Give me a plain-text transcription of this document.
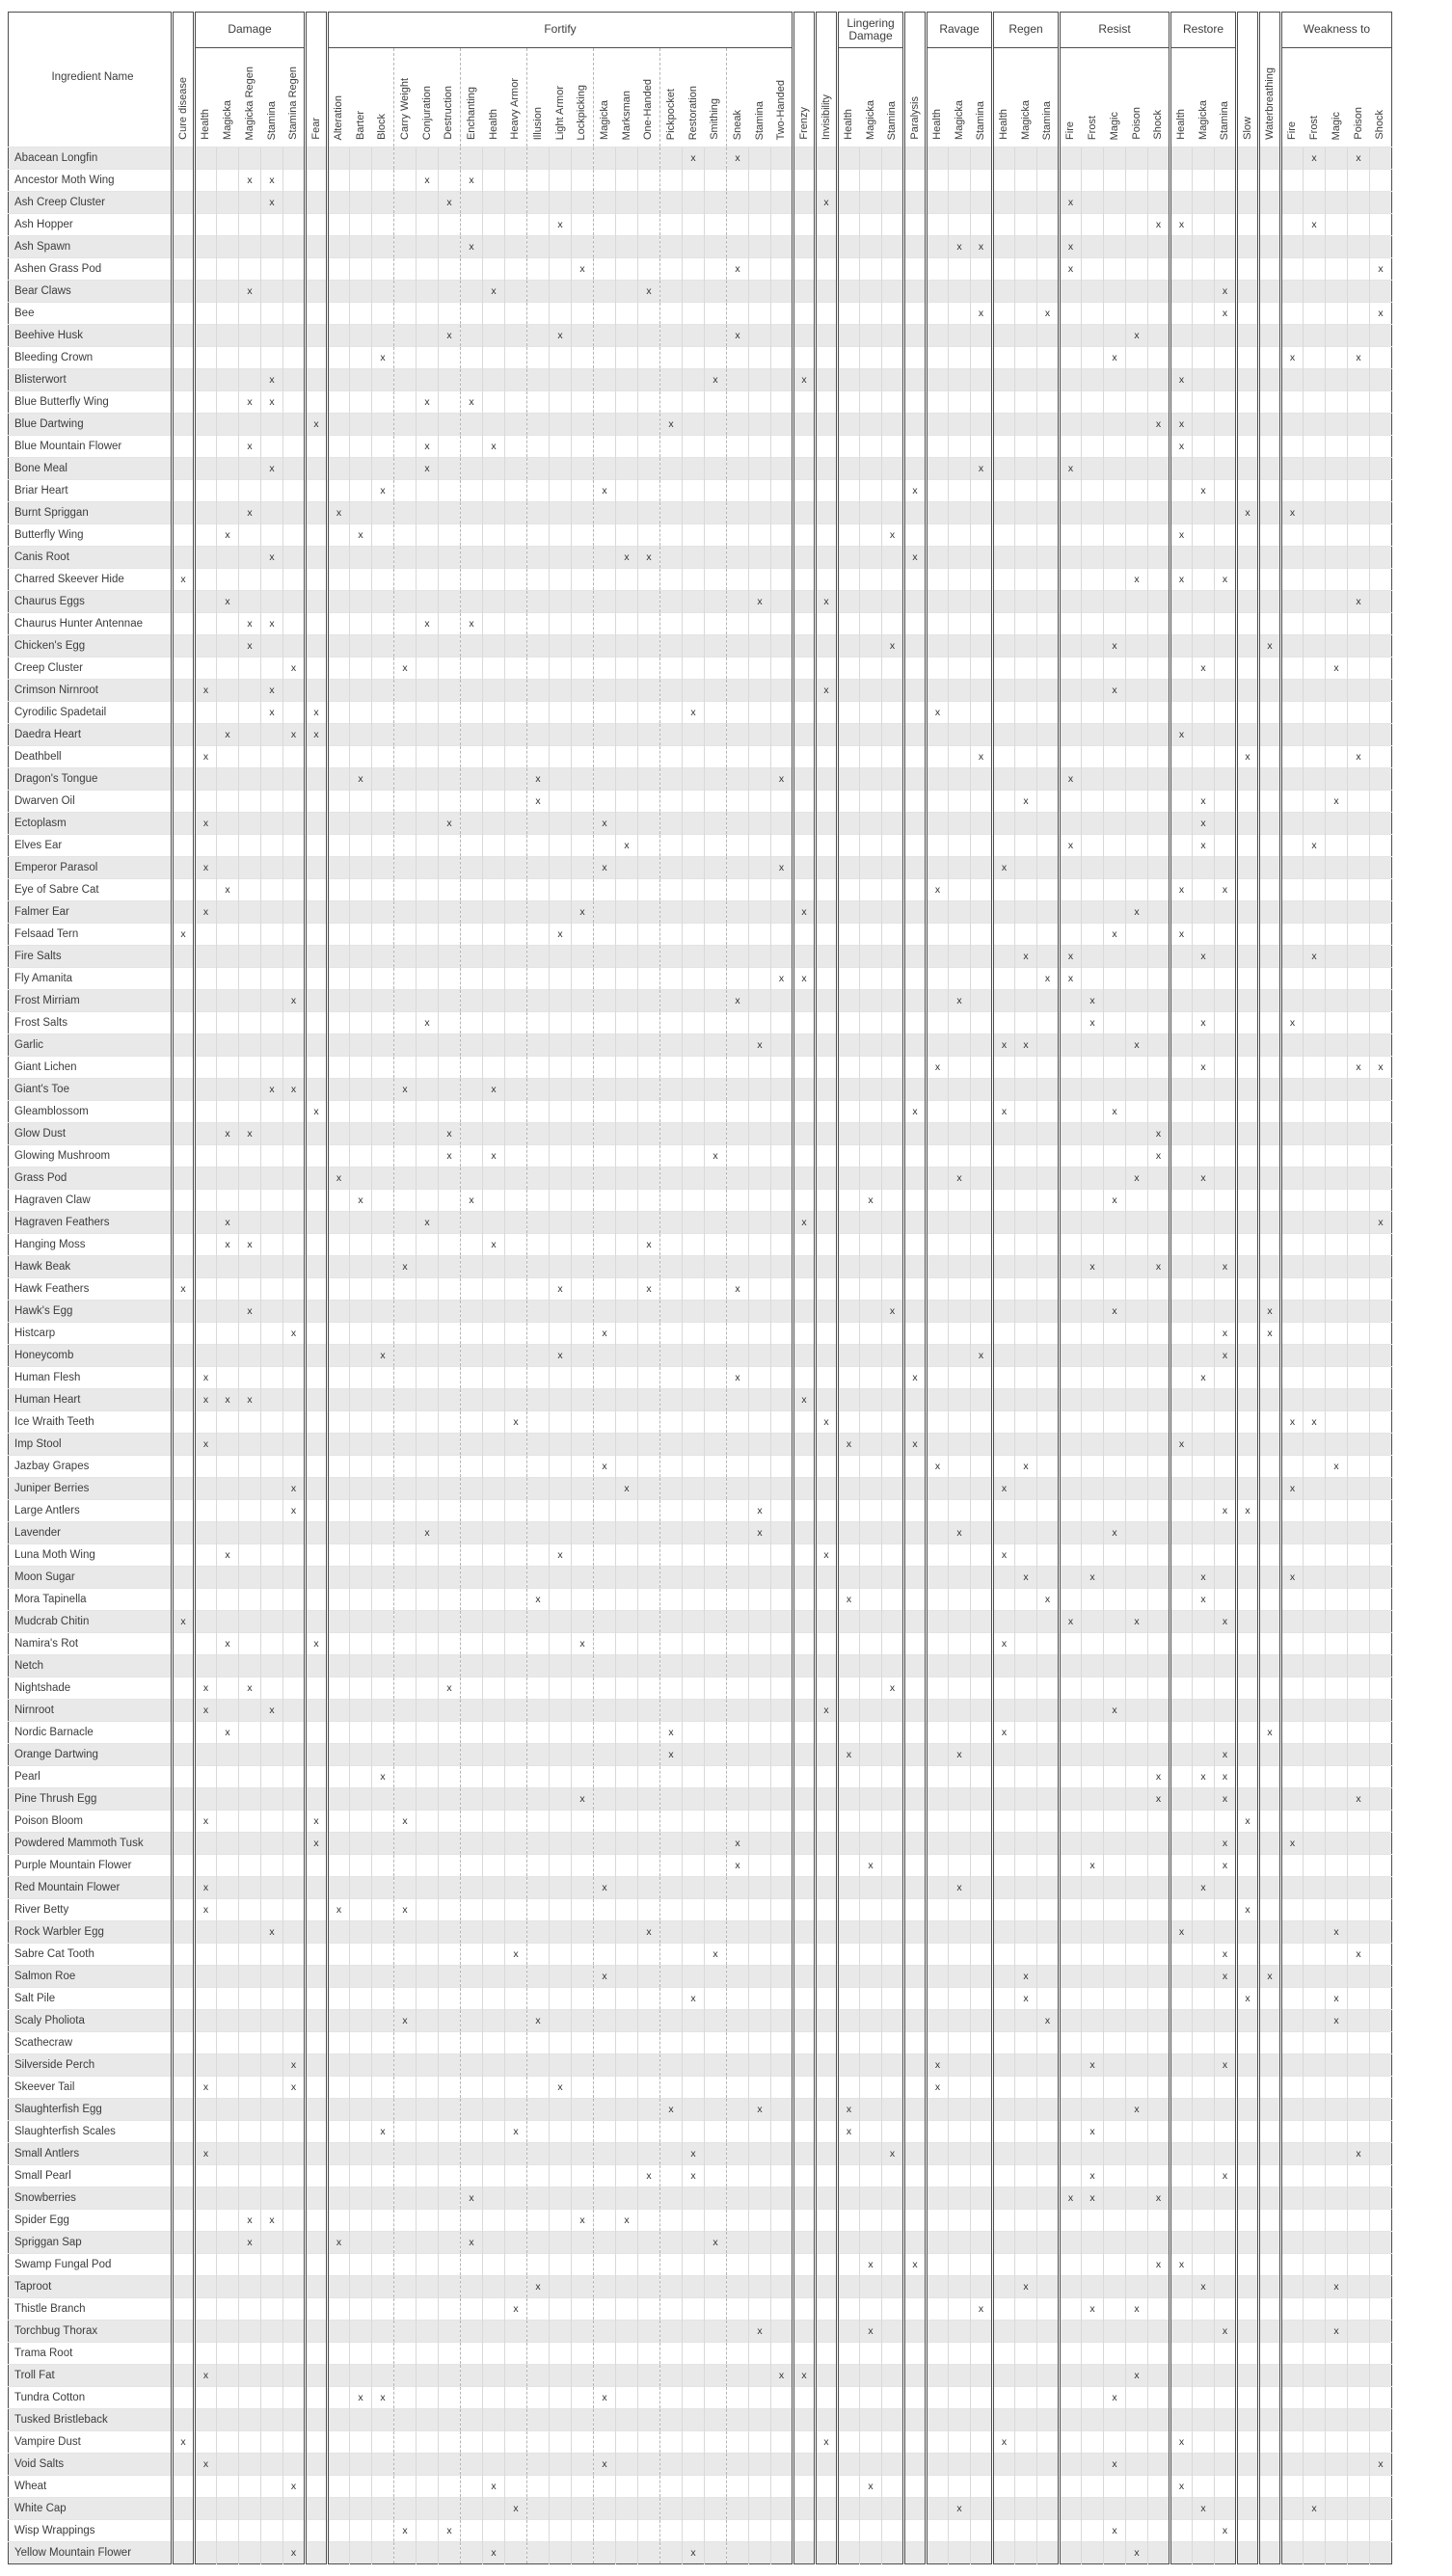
Ingredient Name		Damage						Fortify																							Lingering Damage				Ravage			Regen			Resist					Restore					Weakness to				
	Cure disease	Health	Magicka	Magicka Regen	Stamina	Stamina Regen	Fear	Alteration	Barter	Block	Carry Weight	Conjuration	Destruction	Enchanting	Health	Heavy Armor	Illusion	Light Armor	Lockpicking	Magicka	Marksman	One-Handed	Pickpocket	Restoration	Smithing	Sneak	Stamina	Two-Handed	Frenzy	Invisibility	Health	Magicka	Stamina	Paralysis	Health	Magicka	Stamina	Health	Magicka	Stamina	Fire	Frost	Magic	Poison	Shock	Health	Magicka	Stamina	Slow	Waterbreathing	Fire	Frost	Magic	Poison	Shock
Abacean Longfin																								x		x																										x		x	
Ancestor Moth Wing				x	x							x		x																																									
Ash Creep Cluster					x								x																	x											x														
Ash Hopper																		x																											x	x						x			
Ash Spawn														x																						x	x				x														
Ashen Grass Pod																			x							x															x														x
Bear Claws				x											x							x																										x							
Bee																																					x			x								x							x
Beehive Husk													x					x								x																		x											
Bleeding Crown										x																																	x								x			x	
Blisterwort					x																				x				x																	x									
Blue Butterfly Wing				x	x							x		x																																									
Blue Dartwing							x																x																						x	x									
Blue Mountain Flower				x								x			x																															x									
Bone Meal					x							x																									x				x														
Briar Heart										x										x														x													x								
Burnt Spriggan				x				x																																									x		x				
Butterfly Wing			x						x																								x													x									
Canis Root					x																x	x												x																					
Charred Skeever Hide	x																																											x		x		x							
Chaurus Eggs			x																								x			x																								x	
Chaurus Hunter Antennae				x	x							x		x																																									
Chicken's Egg				x																													x										x							x					
Creep Cluster						x					x																																				x						x		
Crimson Nirnroot		x			x																									x													x												
Cyrodilic Spadetail					x		x																	x											x																				
Daedra Heart			x			x	x																																							x									
Deathbell		x																																			x												x					x	
Dragon's Tongue									x								x											x													x														
Dwarven Oil																	x																						x								x						x		
Ectoplasm		x											x							x																											x								
Elves Ear																					x																				x						x					x			
Emperor Parasol		x																		x								x										x																	
Eye of Sabre Cat			x																																x											x		x							
Falmer Ear		x																	x										x															x											
Felsaad Tern	x																	x																									x			x									
Fire Salts																																							x		x						x					x			
Fly Amanita																												x	x											x	x														
Frost Mirriam						x																				x										x						x													
Frost Salts												x																														x					x				x				
Garlic																											x											x	x					x											
Giant Lichen																																			x												x							x	x
Giant's Toe					x	x					x				x																																								
Gleamblossom							x																											x				x					x												
Glow Dust			x	x									x																																x										
Glowing Mushroom													x		x										x																				x										
Grass Pod								x																												x								x			x								
Hagraven Claw									x					x																		x											x												
Hagraven Feathers			x									x																	x																										x
Hanging Moss			x	x											x							x																																	
Hawk Beak											x																															x			x			x							
Hawk Feathers	x																	x				x				x																													
Hawk's Egg				x																													x										x							x					
Histcarp						x														x																												x		x					
Honeycomb										x								x																			x											x							
Human Flesh		x																								x								x													x								
Human Heart		x	x	x																									x																										
Ice Wraith Teeth																x														x																					x	x			
Imp Stool		x																													x			x												x									
Jazbay Grapes																				x															x				x														x		
Juniper Berries						x															x																	x													x				
Large Antlers						x																					x																					x	x						
Lavender												x															x									x							x												
Luna Moth Wing			x															x												x								x																	
Moon Sugar																																							x			x					x				x				
Mora Tapinella																	x														x									x							x								
Mudcrab Chitin	x																																								x			x				x							
Namira's Rot			x				x												x																			x																	
Netch																																																							
Nightshade		x		x									x																				x																						
Nirnroot		x			x																									x													x												
Nordic Barnacle			x																				x															x												x					
Orange Dartwing																							x								x					x												x							
Pearl										x																																			x		x	x							
Pine Thrush Egg																			x																										x			x						x	
Poison Bloom		x					x				x																																						x						
Powdered Mammoth Tusk							x																			x																						x			x				
Purple Mountain Flower																										x						x										x						x							
Red Mountain Flower		x																		x																x											x								
River Betty		x						x			x																																						x						
Rock Warbler Egg					x																	x																								x							x		
Sabre Cat Tooth																x									x																							x						x	
Salmon Roe																				x																			x									x		x					
Salt Pile																								x															x										x				x		
Scaly Pholiota											x						x																							x													x		
Scathecraw																																																							
Silverside Perch						x																													x							x						x							
Skeever Tail		x				x												x																	x																				
Slaughterfish Egg																							x				x				x													x											
Slaughterfish Scales										x						x															x											x													
Small Antlers		x																						x									x																					x	
Small Pearl																						x		x																		x						x							
Snowberries														x																											x	x			x										
Spider Egg				x	x														x		x																																		
Spriggan Sap				x				x						x											x																														
Swamp Fungal Pod																																x		x											x	x									
Taproot																	x																						x								x						x		
Thistle Branch																x																					x					x		x											
Torchbug Thorax																											x					x																x					x		
Trama Root																																																							
Troll Fat		x																										x	x															x											
Tundra Cotton									x	x										x																							x												
Tusked Bristleback																																																							
Vampire Dust	x																													x								x								x									
Void Salts		x																		x																							x												x
Wheat						x									x																	x														x									
White Cap																x																				x											x					x			
Wisp Wrappings											x		x																														x					x							
Yellow Mountain Flower						x									x									x																				x											
